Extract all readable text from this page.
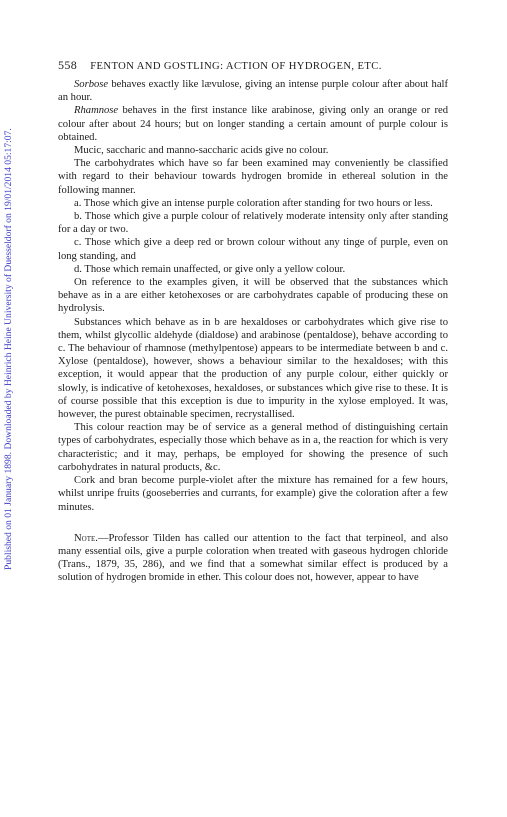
Published on 01 January 1898. Downloaded by Heinrich Heine University of Duesseldorf on 19/01/2014 05:17:07.
558 FENTON AND GOSTLING: ACTION OF HYDROGEN, ETC.

Sorbose behaves exactly like lævulose, giving an intense purple colour after about half an hour.

Rhamnose behaves in the first instance like arabinose, giving only an orange or red colour after about 24 hours; but on longer standing a certain amount of purple colour is obtained.

Mucic, saccharic and manno-saccharic acids give no colour.

The carbohydrates which have so far been examined may conveniently be classified with regard to their behaviour towards hydrogen bromide in ethereal solution in the following manner.

a. Those which give an intense purple coloration after standing for two hours or less.

b. Those which give a purple colour of relatively moderate intensity only after standing for a day or two.

c. Those which give a deep red or brown colour without any tinge of purple, even on long standing, and

d. Those which remain unaffected, or give only a yellow colour.

On reference to the examples given, it will be observed that the substances which behave as in a are either ketohexoses or are carbohydrates capable of producing these on hydrolysis.

Substances which behave as in b are hexaldoses or carbohydrates which give rise to them, whilst glycollic aldehyde (dialdose) and arabinose (pentaldose), behave according to c. The behaviour of rhamnose (methylpentose) appears to be intermediate between b and c. Xylose (pentaldose), however, shows a behaviour similar to the hexaldoses; with this exception, it would appear that the production of any purple colour, either quickly or slowly, is indicative of ketohexoses, hexaldoses, or substances which give rise to these. It is of course possible that this exception is due to impurity in the xylose employed. It was, however, the purest obtainable specimen, recrystallised.

This colour reaction may be of service as a general method of distinguishing certain types of carbohydrates, especially those which behave as in a, the reaction for which is very characteristic; and it may, perhaps, be employed for showing the presence of such carbohydrates in natural products, &c.

Cork and bran become purple-violet after the mixture has remained for a few hours, whilst unripe fruits (gooseberries and currants, for example) give the coloration after a few minutes.

Note.—Professor Tilden has called our attention to the fact that terpineol, and also many essential oils, give a purple coloration when treated with gaseous hydrogen chloride (Trans., 1879, 35, 286), and we find that a somewhat similar effect is produced by a solution of hydrogen bromide in ether. This colour does not, however, appear to have
